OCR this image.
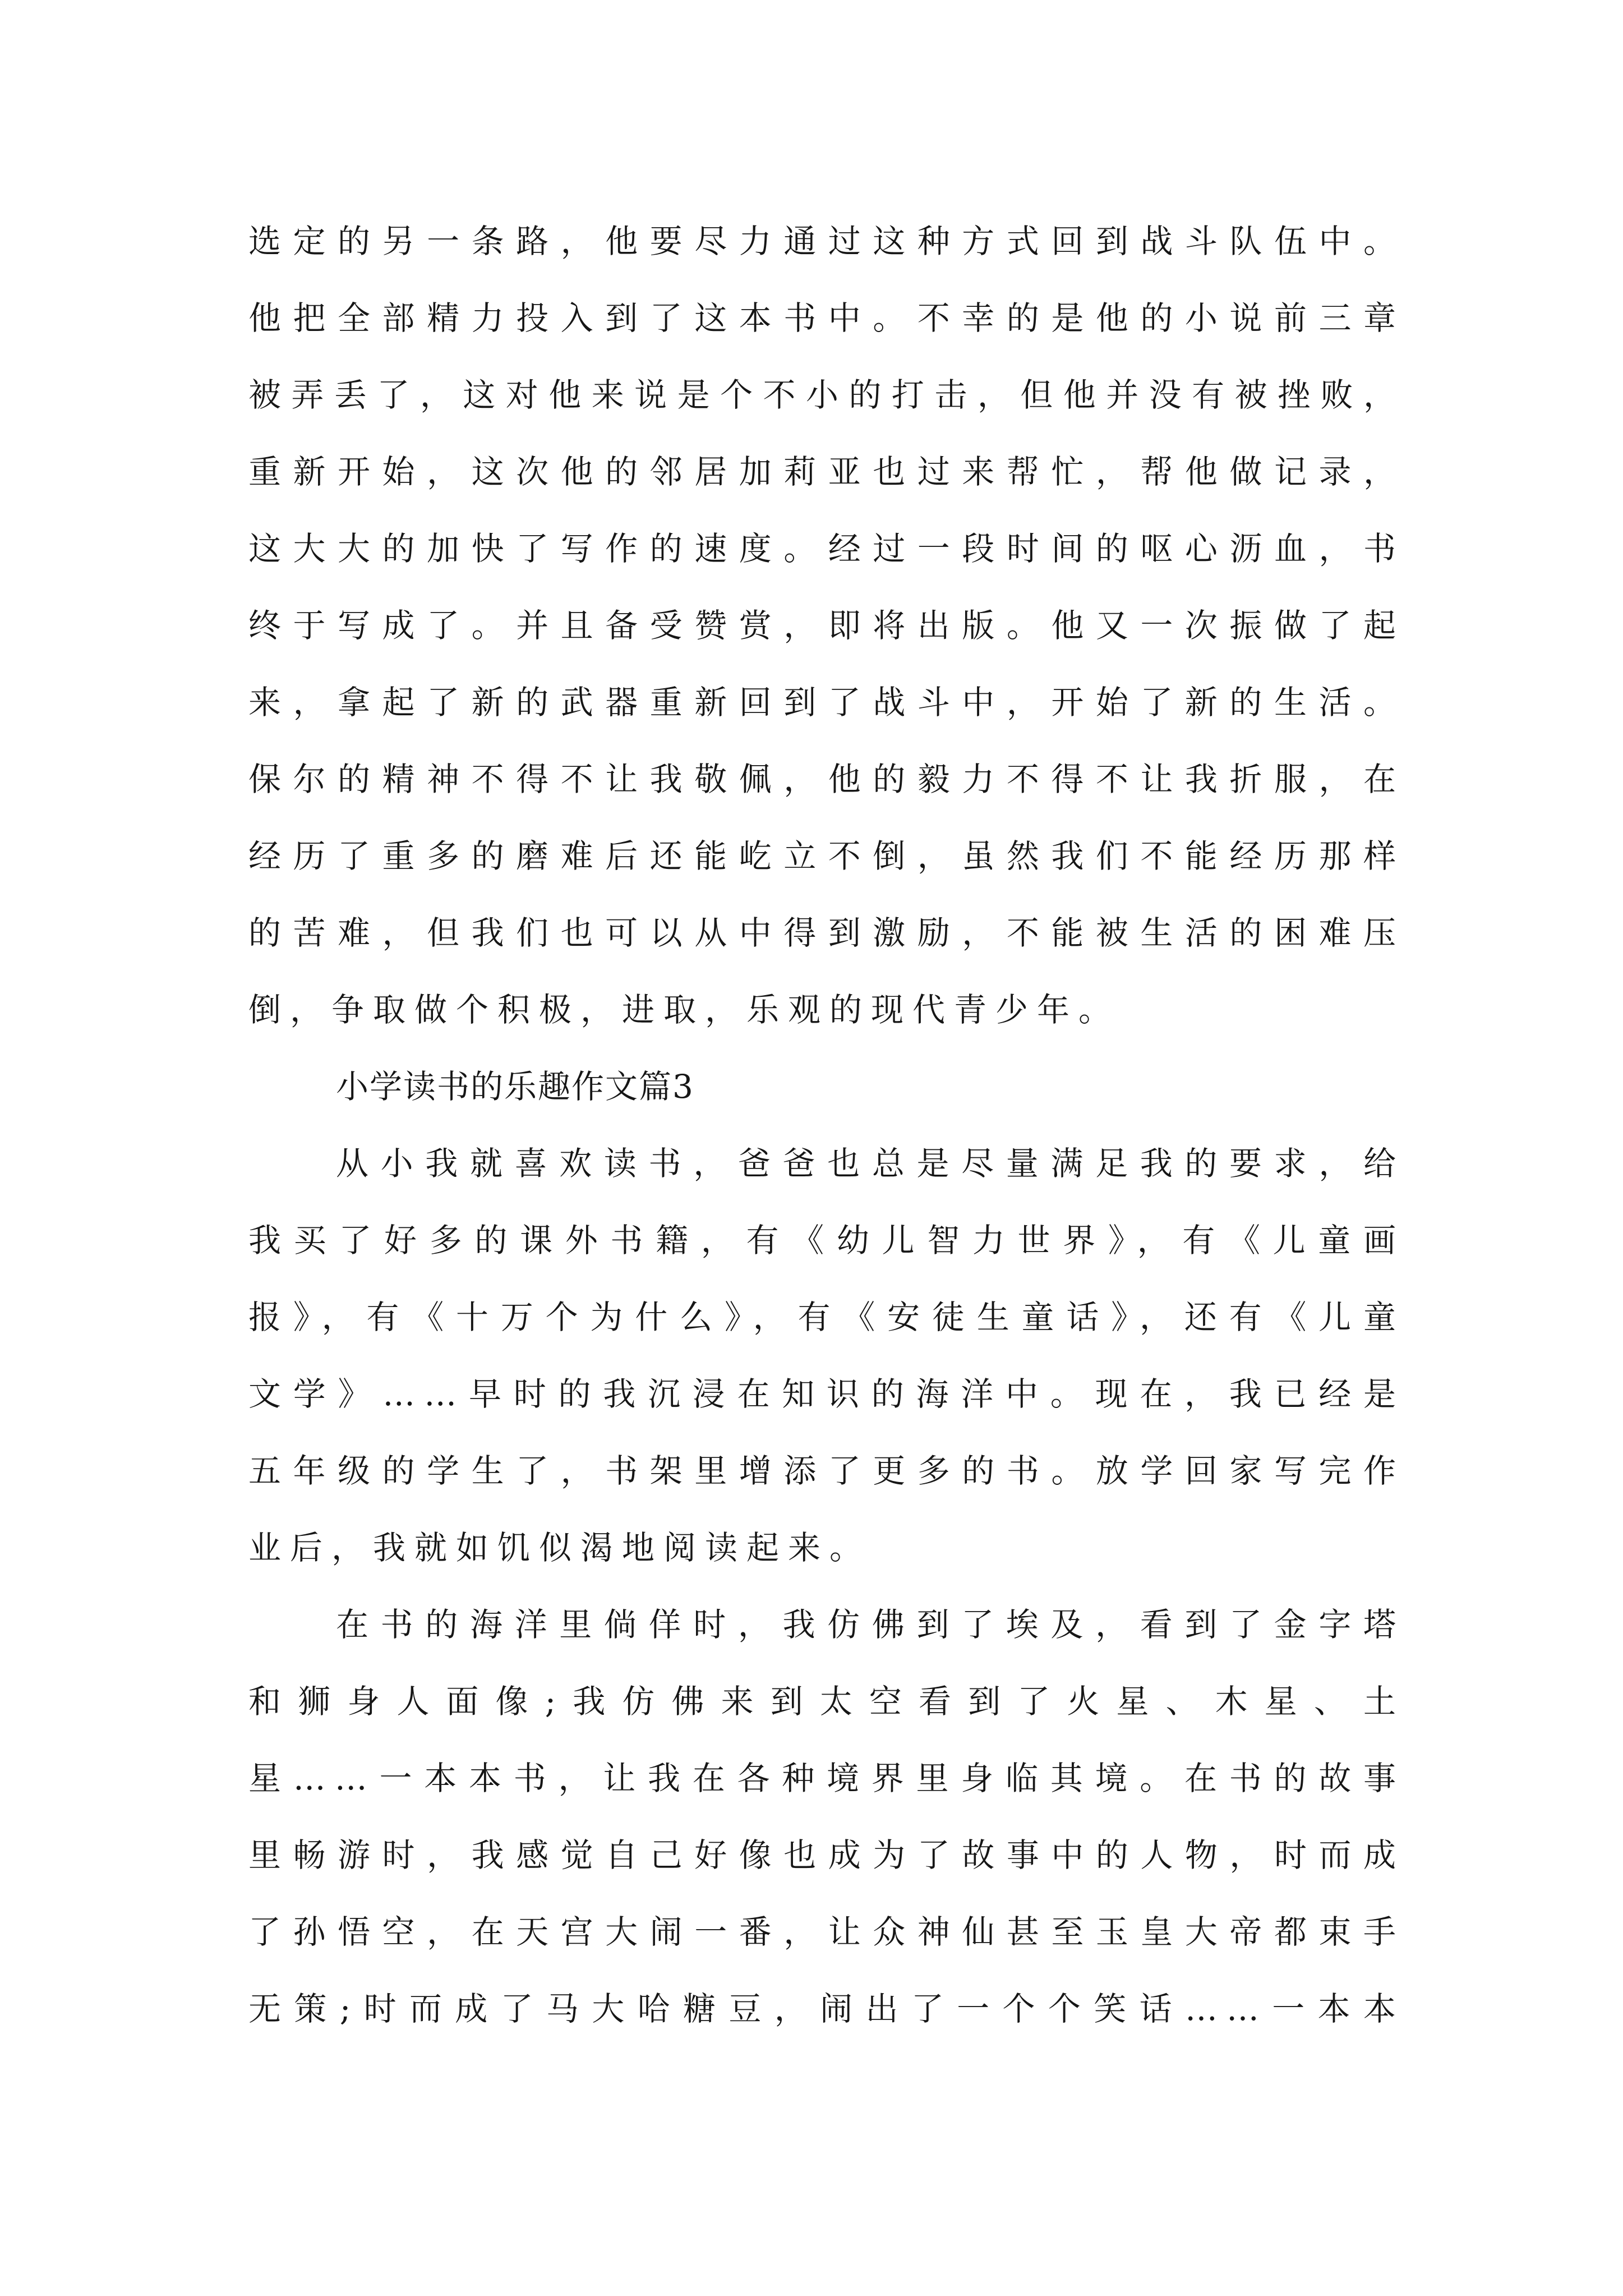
选定的另一条路，他要尽力通过这种方式回到战斗队伍中。
他把全部精力投入到了这本书中。不幸的是他的小说前三章
被弄丢了，这对他来说是个不小的打击，但他并没有被挫败，
重新开始，这次他的邻居加莉亚也过来帮忙，帮他做记录，
这大大的加快了写作的速度。经过一段时间的呕心沥血，书
终于写成了。并且备受赞赏，即将出版。他又一次振做了起
来，拿起了新的武器重新回到了战斗中，开始了新的生活。
保尔的精神不得不让我敬佩，他的毅力不得不让我折服，在
经历了重多的磨难后还能屹立不倒，虽然我们不能经历那样
的苦难，但我们也可以从中得到激励，不能被生活的困难压
倒，争取做个积极，进取，乐观的现代青少年。
小学读书的乐趣作文篇3
从小我就喜欢读书，爸爸也总是尽量满足我的要求，给
我买了好多的课外书籍，有《幼儿智力世界》，有《儿童画
报》，有《十万个为什么》，有《安徒生童话》，还有《儿童
文学》……早时的我沉浸在知识的海洋中。现在，我已经是
五年级的学生了，书架里增添了更多的书。放学回家写完作
业后，我就如饥似渴地阅读起来。
在书的海洋里倘佯时，我仿佛到了埃及，看到了金字塔
和狮身人面像;我仿佛来到太空看到了火星、木星、土
星……一本本书，让我在各种境界里身临其境。在书的故事
里畅游时，我感觉自己好像也成为了故事中的人物，时而成
了孙悟空，在天宫大闹一番，让众神仙甚至玉皇大帝都束手
无策;时而成了马大哈糖豆，闹出了一个个笑话……一本本
